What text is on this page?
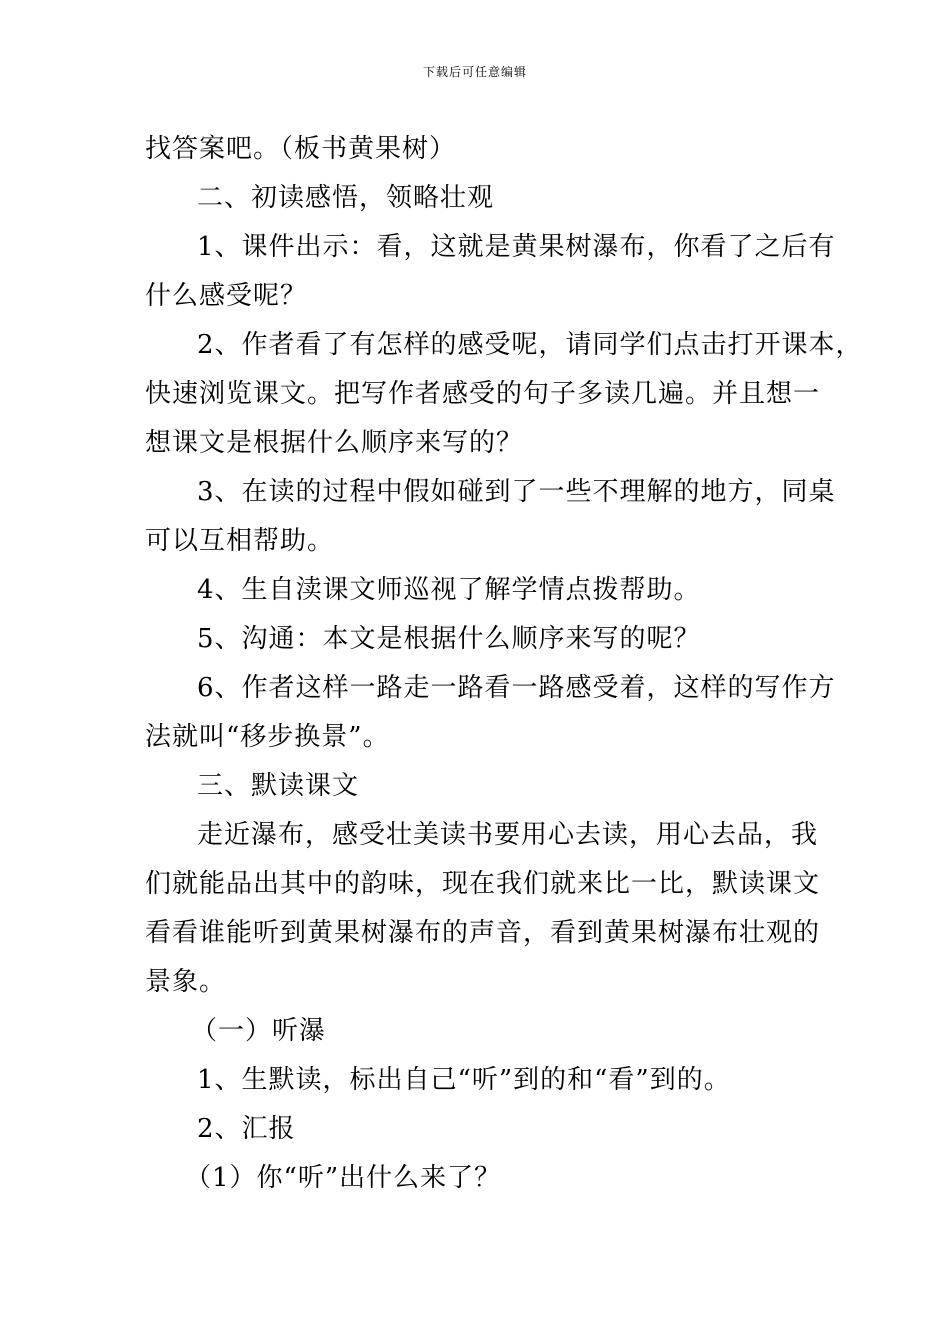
下载后可任意编辑

找答案吧。（板书黄果树）

二、初读感悟，领略壮观

1、课件出示：看，这就是黄果树瀑布，你看了之后有

什么感受呢？

2、作者看了有怎样的感受呢，请同学们点击打开课本，

快速浏览课文。把写作者感受的句子多读几遍。并且想一

想课文是根据什么顺序来写的？

3、在读的过程中假如碰到了一些不理解的地方，同桌

可以互相帮助。

4、生自渎课文师巡视了解学情点拨帮助。

5、沟通：本文是根据什么顺序来写的呢？

6、作者这样一路走一路看一路感受着，这样的写作方

法就叫“移步换景”。

三、默读课文

走近瀑布，感受壮美读书要用心去读，用心去品，我

们就能品出其中的韵味，现在我们就来比一比，默读课文

看看谁能听到黄果树瀑布的声音，看到黄果树瀑布壮观的

景象。

（一）听瀑

1、生默读，标出自己“听”到的和“看”到的。

2、汇报

（1）你“听”出什么来了？
